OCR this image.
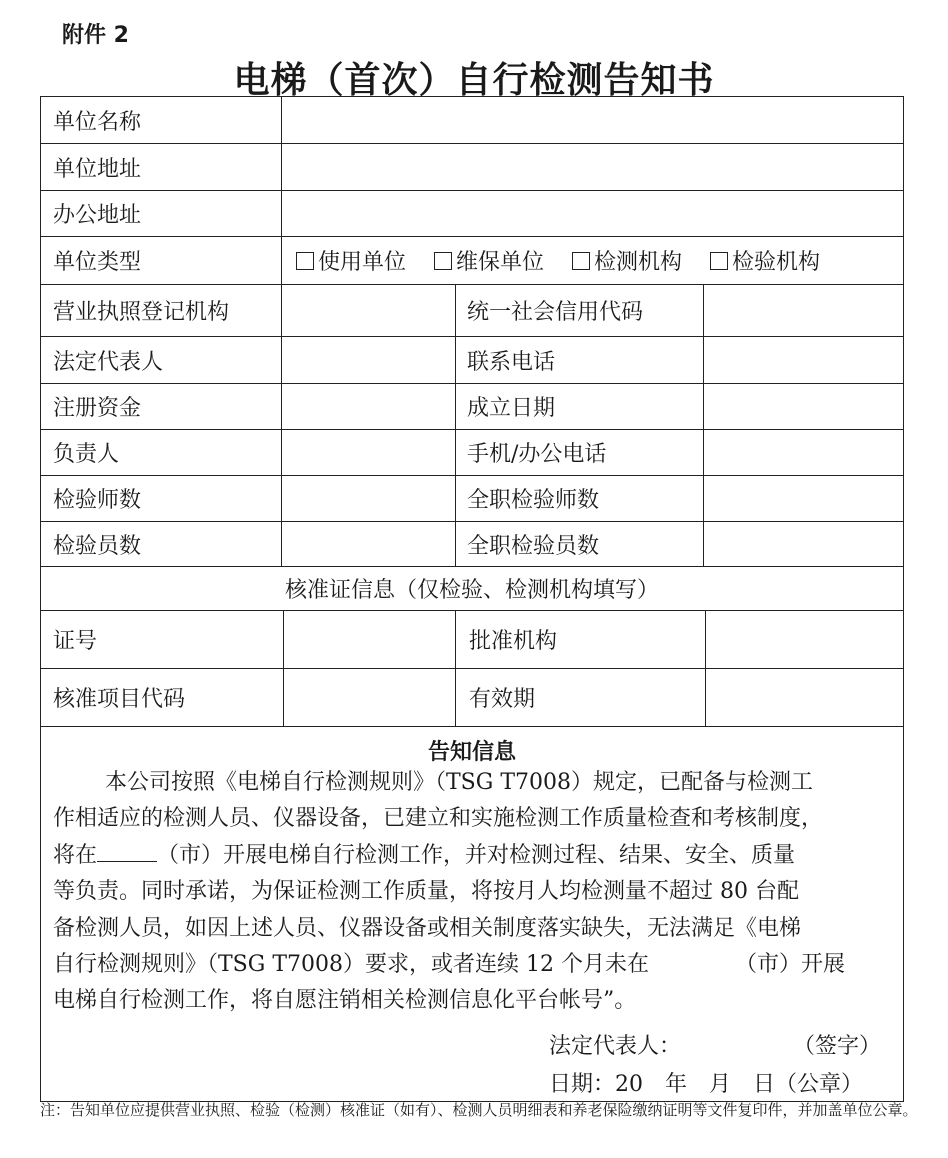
附件 2
电梯（首次）自行检测告知书
单位名称
单位地址
办公地址
单位类型	使用单位 维保单位 检测机构 检验机构
营业执照登记机构	统一社会信用代码
法定代表人	联系电话
注册资金	成立日期
负责人	手机/办公电话
检验师数	全职检验师数
检验员数	全职检验员数
核准证信息（仅检验、检测机构填写）
证号	批准机构
核准项目代码	有效期
告知信息
本公司按照《电梯自行检测规则》（TSG T7008）规定，已配备与检测工
作相适应的检测人员、仪器设备，已建立和实施检测工作质量检查和考核制度，
将在	（市）开展电梯自行检测工作，并对检测过程、结果、安全、质量
等负责。同时承诺，为保证检测工作质量，将按月人均检测量不超过 80 台配
备检测人员，如因上述人员、仪器设备或相关制度落实缺失，无法满足《电梯
自行检测规则》（TSG T7008）要求，或者连续 12 个月未在	（市）开展
电梯自行检测工作，将自愿注销相关检测信息化平台帐号”。
法定代表人：	（签字）
日期：20　年　月　日（公章）
注：告知单位应提供营业执照、检验（检测）核准证（如有）、检测人员明细表和养老保险缴纳证明等文件复印件，并加盖单位公章。
